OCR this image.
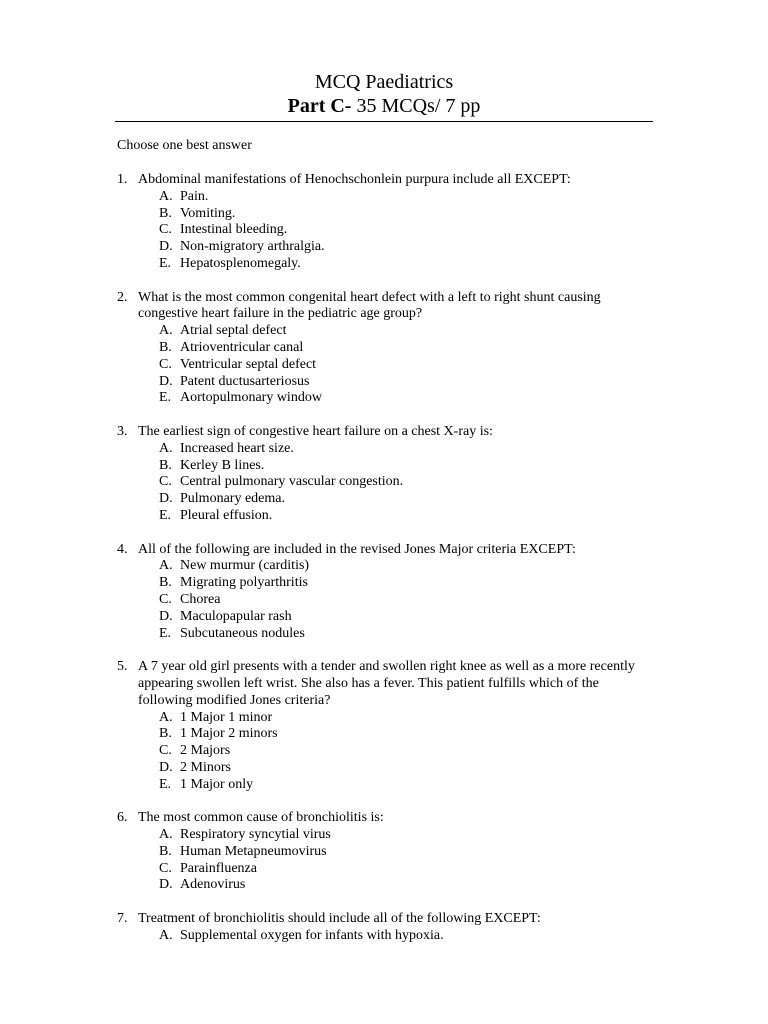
MCQ Paediatrics
Part C- 35 MCQs/ 7 pp
Choose one best answer
1. Abdominal manifestations of Henochschonlein purpura include all EXCEPT:
A. Pain.
B. Vomiting.
C. Intestinal bleeding.
D. Non-migratory arthralgia.
E. Hepatosplenomegaly.
2. What is the most common congenital heart defect with a left to right shunt causing congestive heart failure in the pediatric age group?
A. Atrial septal defect
B. Atrioventricular canal
C. Ventricular septal defect
D. Patent ductusarteriosus
E. Aortopulmonary window
3. The earliest sign of congestive heart failure on a chest X-ray is:
A. Increased heart size.
B. Kerley B lines.
C. Central pulmonary vascular congestion.
D. Pulmonary edema.
E. Pleural effusion.
4. All of the following are included in the revised Jones Major criteria EXCEPT:
A. New murmur (carditis)
B. Migrating polyarthritis
C. Chorea
D. Maculopapular rash
E. Subcutaneous nodules
5. A 7 year old girl presents with a tender and swollen right knee as well as a more recently appearing swollen left wrist. She also has a fever. This patient fulfills which of the following modified Jones criteria?
A. 1 Major 1 minor
B. 1 Major 2 minors
C. 2 Majors
D. 2 Minors
E. 1 Major only
6. The most common cause of bronchiolitis is:
A. Respiratory syncytial virus
B. Human Metapneumovirus
C. Parainfluenza
D. Adenovirus
7. Treatment of bronchiolitis should include all of the following EXCEPT:
A. Supplemental oxygen for infants with hypoxia.
